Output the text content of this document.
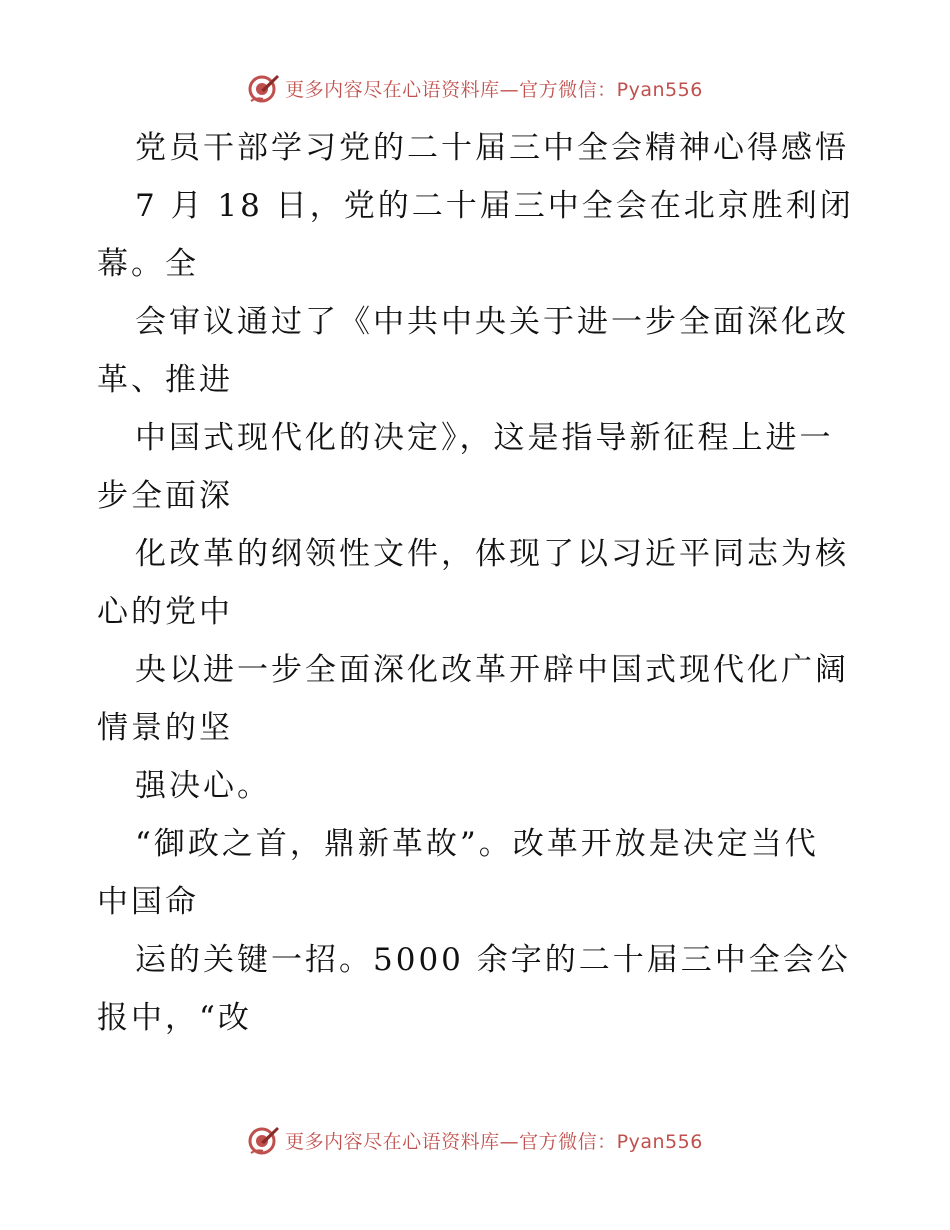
更多内容尽在心语资料库—官方微信：Pyan556
党员干部学习党的二十届三中全会精神心得感悟
7 月 18 日，党的二十届三中全会在北京胜利闭
幕。全
会审议通过了《中共中央关于进一步全面深化改
革、推进
中国式现代化的决定》，这是指导新征程上进一
步全面深
化改革的纲领性文件，体现了以习近平同志为核
心的党中
央以进一步全面深化改革开辟中国式现代化广阔
情景的坚
强决心。
“御政之首，鼎新革故”。改革开放是决定当代
中国命
运的关键一招。5000 余字的二十届三中全会公
报中，“改
更多内容尽在心语资料库—官方微信：Pyan556
